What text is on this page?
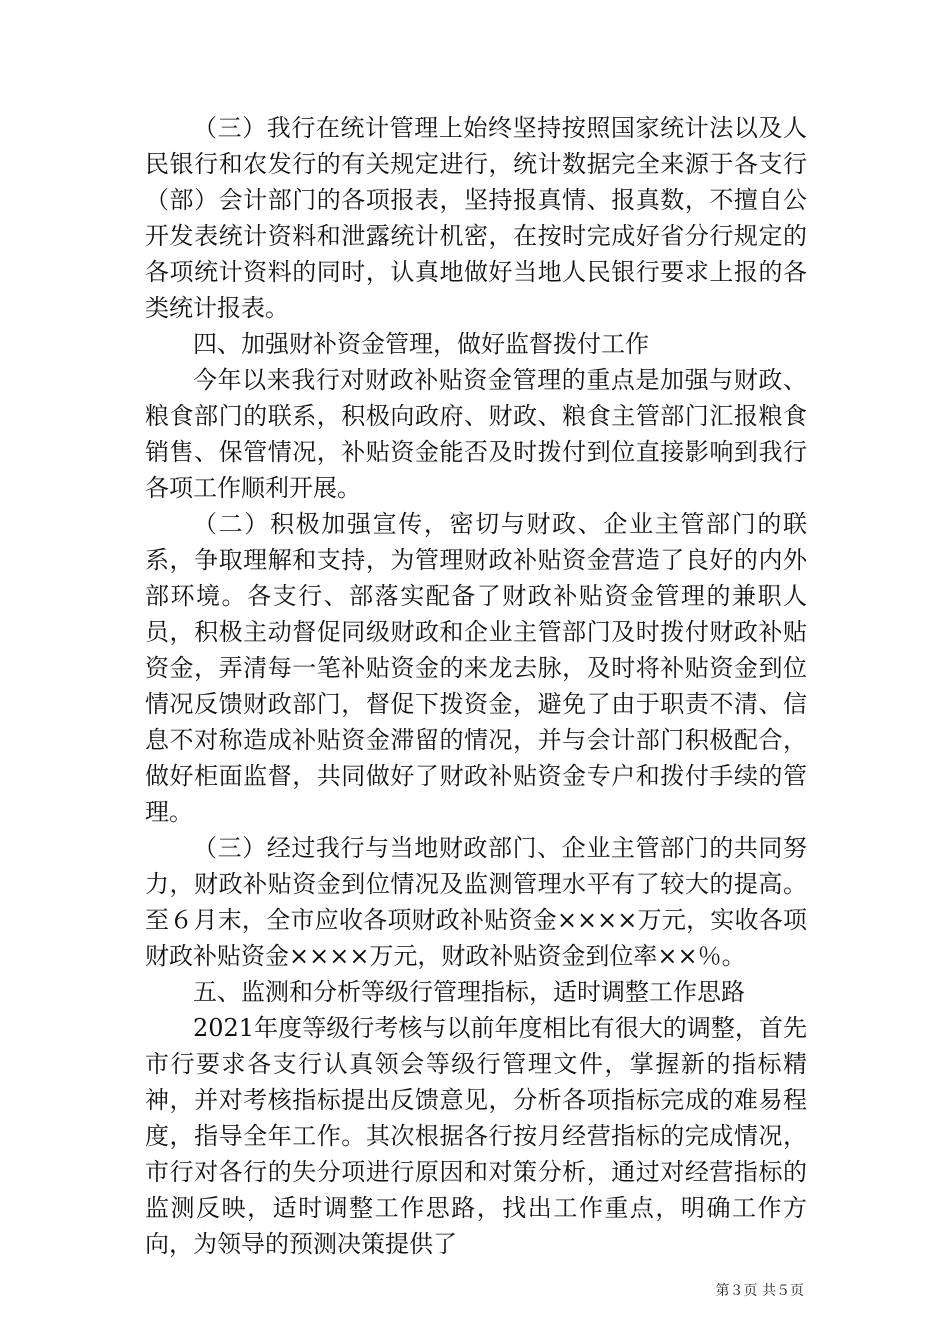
（三）我行在统计管理上始终坚持按照国家统计法以及人民银行和农发行的有关规定进行，统计数据完全来源于各支行（部）会计部门的各项报表，坚持报真情、报真数，不擅自公开发表统计资料和泄露统计机密，在按时完成好省分行规定的各项统计资料的同时，认真地做好当地人民银行要求上报的各类统计报表。

四、加强财补资金管理，做好监督拨付工作

今年以来我行对财政补贴资金管理的重点是加强与财政、粮食部门的联系，积极向政府、财政、粮食主管部门汇报粮食销售、保管情况，补贴资金能否及时拨付到位直接影响到我行各项工作顺利开展。

（二）积极加强宣传，密切与财政、企业主管部门的联系，争取理解和支持，为管理财政补贴资金营造了良好的内外部环境。各支行、部落实配备了财政补贴资金管理的兼职人员，积极主动督促同级财政和企业主管部门及时拨付财政补贴资金，弄清每一笔补贴资金的来龙去脉，及时将补贴资金到位情况反馈财政部门，督促下拨资金，避免了由于职责不清、信息不对称造成补贴资金滞留的情况，并与会计部门积极配合，做好柜面监督，共同做好了财政补贴资金专户和拨付手续的管理。

（三）经过我行与当地财政部门、企业主管部门的共同努力，财政补贴资金到位情况及监测管理水平有了较大的提高。至６月末，全市应收各项财政补贴资金××××万元，实收各项财政补贴资金××××万元，财政补贴资金到位率××％。

五、监测和分析等级行管理指标，适时调整工作思路

2021年度等级行考核与以前年度相比有很大的调整，首先市行要求各支行认真领会等级行管理文件，掌握新的指标精神，并对考核指标提出反馈意见，分析各项指标完成的难易程度，指导全年工作。其次根据各行按月经营指标的完成情况，市行对各行的失分项进行原因和对策分析，通过对经营指标的监测反映，适时调整工作思路，找出工作重点，明确工作方向，为领导的预测决策提供了

第３页 共５页
